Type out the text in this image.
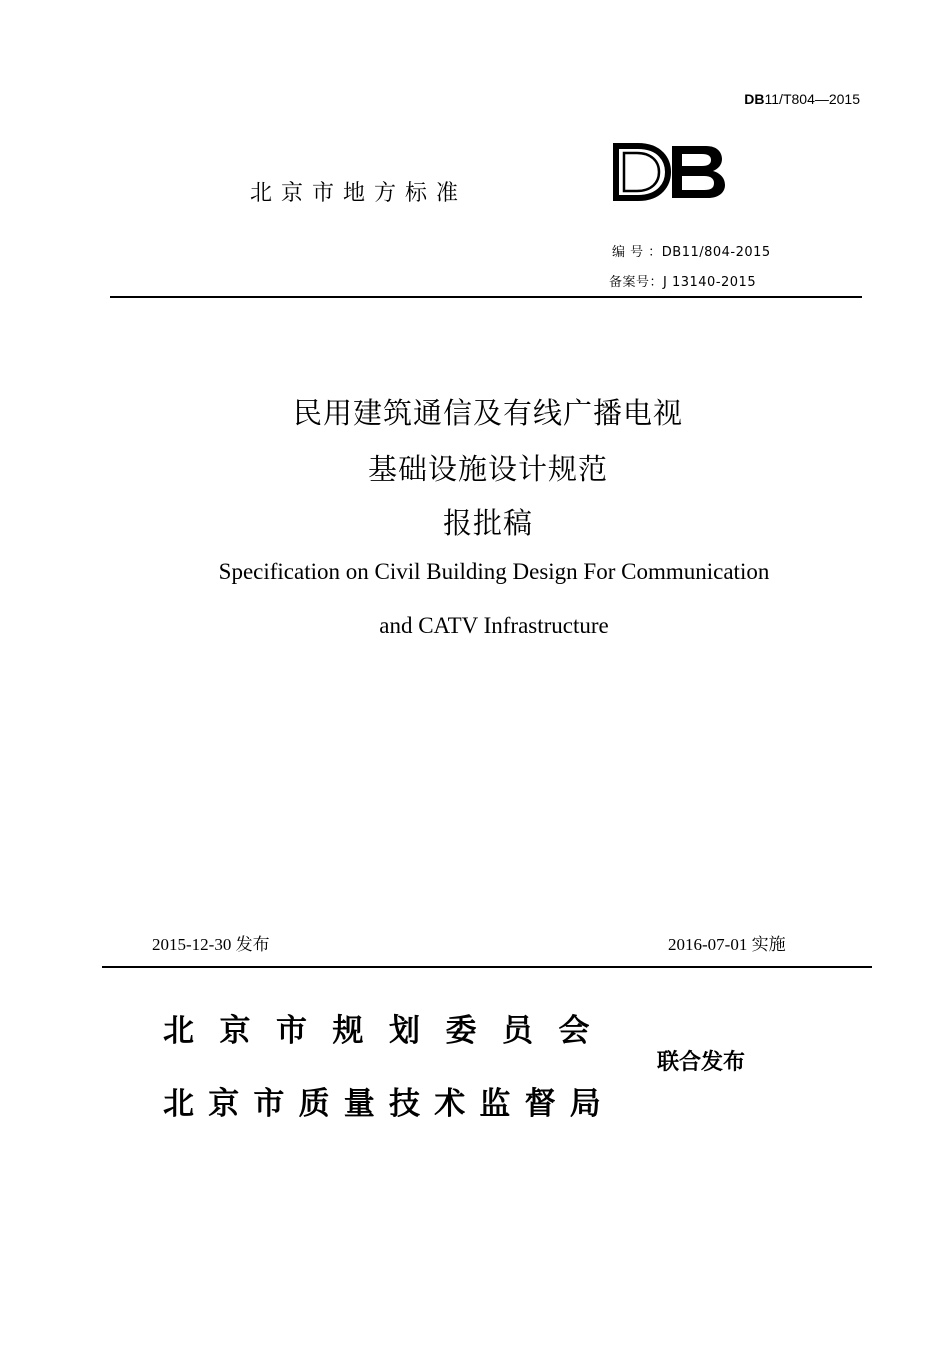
DB11/T804—2015
北京市地方标准
编 号 ：DB11/804-2015
备案号：J 13140-2015
民用建筑通信及有线广播电视
基础设施设计规范
报批稿
Specification on Civil Building Design For Communication
and CATV Infrastructure
2015-12-30 发布	2016-07-01 实施
北京市规划委员会
北京市质量技术监督局
联合发布
